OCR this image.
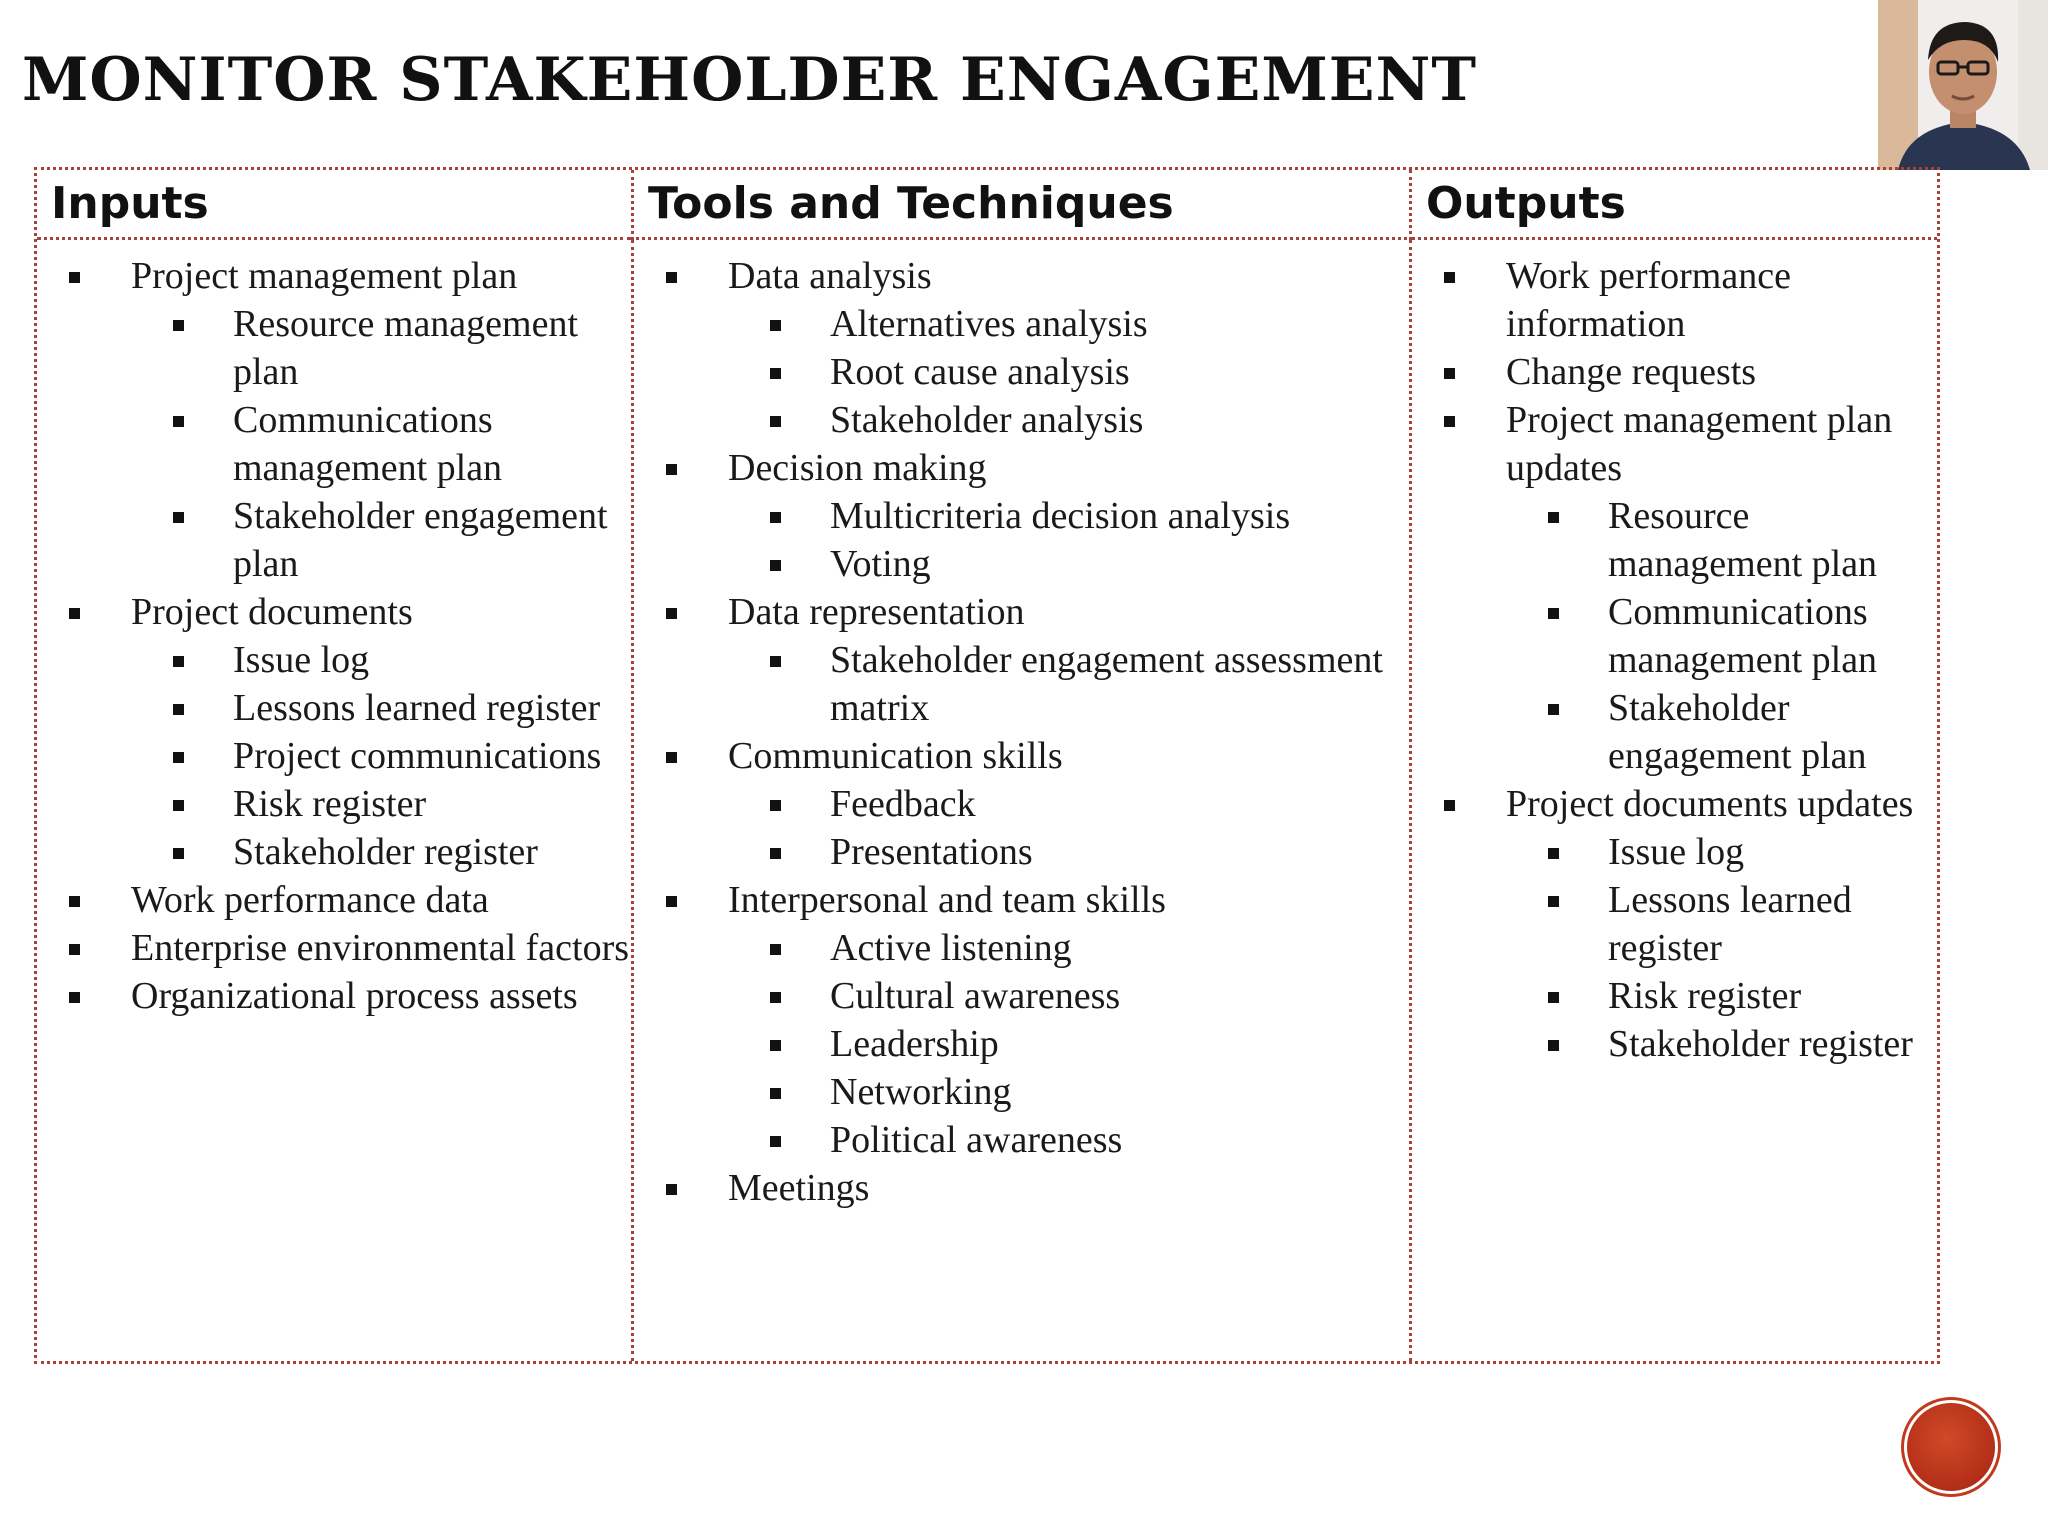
MONITOR STAKEHOLDER ENGAGEMENT
Inputs	Tools and Techniques	Outputs
Project management plan
Resource management plan
Communications management plan
Stakeholder engagement plan
Project documents
Issue log
Lessons learned register
Project communications
Risk register
Stakeholder register
Work performance data
Enterprise environmental factors
Organizational process assets
Data analysis
Alternatives analysis
Root cause analysis
Stakeholder analysis
Decision making
Multicriteria decision analysis
Voting
Data representation
Stakeholder engagement assessment matrix
Communication skills
Feedback
Presentations
Interpersonal and team skills
Active listening
Cultural awareness
Leadership
Networking
Political awareness
Meetings
Work performance information
Change requests
Project management plan updates
Resource management plan
Communications management plan
Stakeholder engagement plan
Project documents updates
Issue log
Lessons learned register
Risk register
Stakeholder register
